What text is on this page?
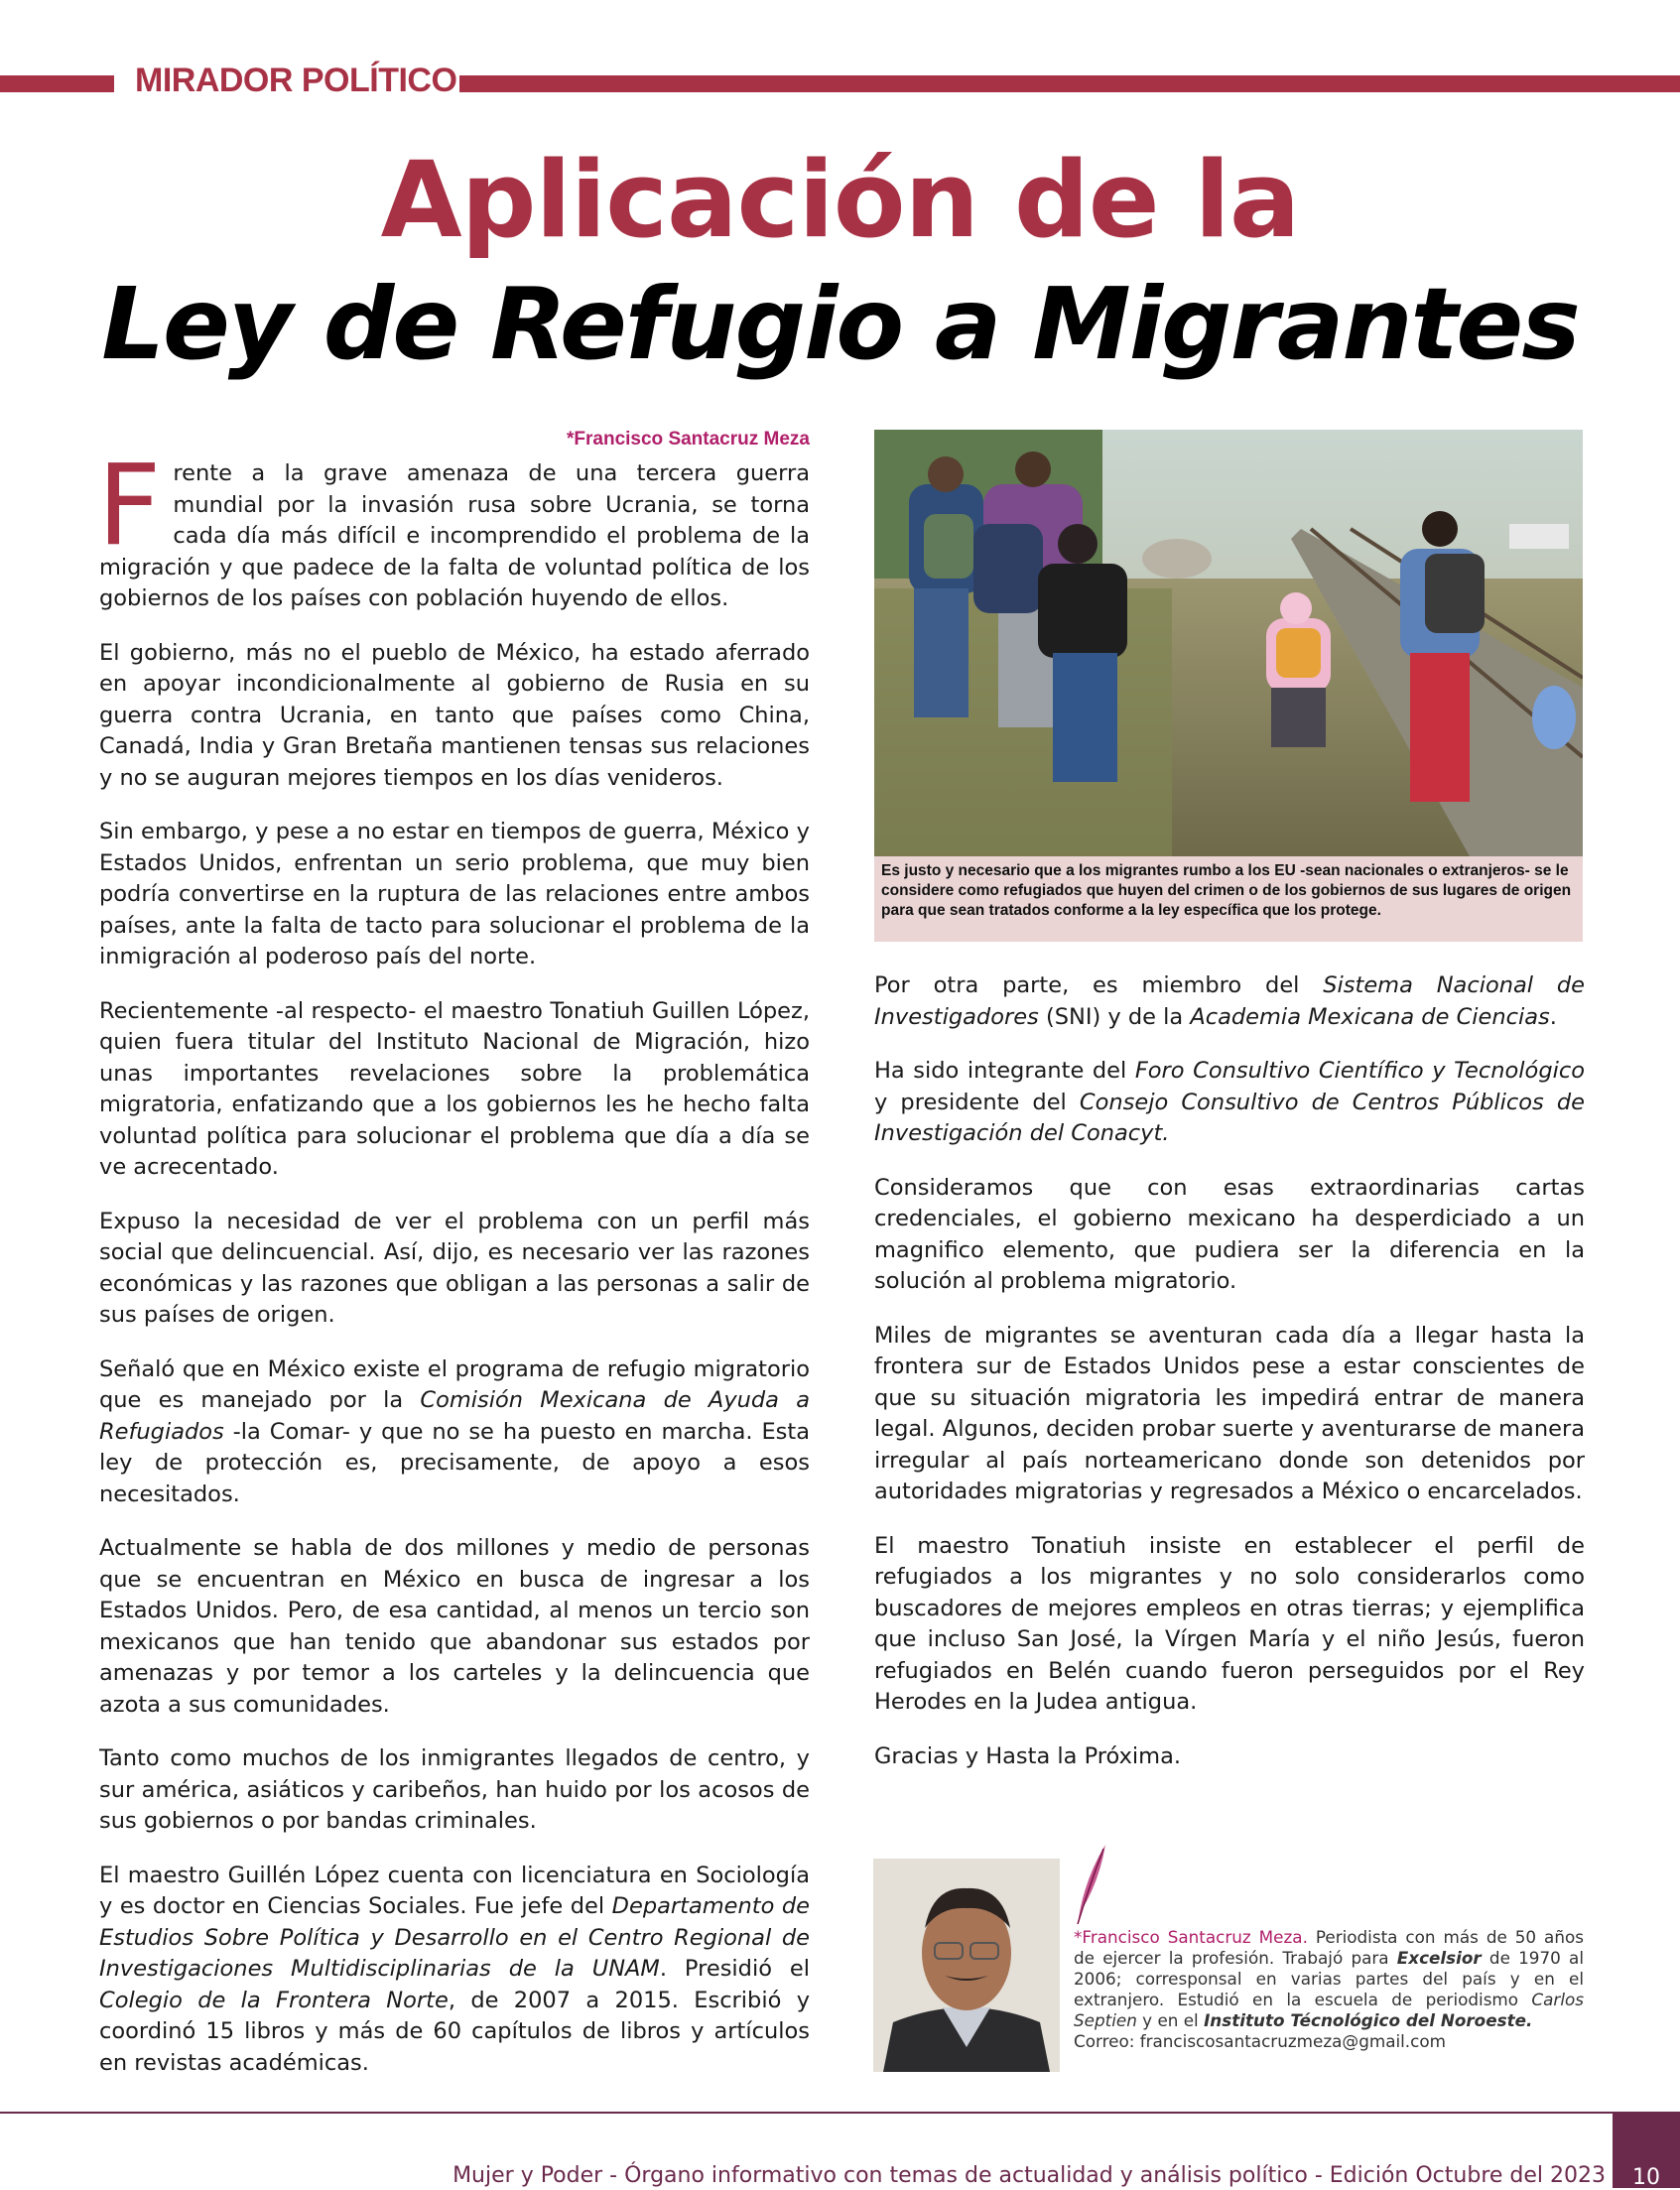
MIRADOR POLÍTICO
Aplicación de la
Ley de Refugio a Migrantes
*Francisco Santacruz Meza

Frente a la grave amenaza de una tercera guerra mundial por la invasión rusa sobre Ucrania, se torna cada día más difícil e incomprendido el problema de la migración y que padece de la falta de voluntad política de los gobiernos de los países con población huyendo de ellos.

El gobierno, más no el pueblo de México, ha estado aferrado en apoyar incondicionalmente al gobierno de Rusia en su guerra contra Ucrania, en tanto que países como China, Canadá, India y Gran Bretaña mantienen tensas sus relaciones y no se auguran mejores tiempos en los días venideros.

Sin embargo, y pese a no estar en tiempos de guerra, México y Estados Unidos, enfrentan un serio problema, que muy bien podría convertirse en la ruptura de las relaciones entre ambos países, ante la falta de tacto para solucionar el problema de la inmigración al poderoso país del norte.

Recientemente -al respecto- el maestro Tonatiuh Guillen López, quien fuera titular del Instituto Nacional de Migración, hizo unas importantes revelaciones sobre la problemática migratoria, enfatizando que a los gobiernos les he hecho falta voluntad política para solucionar el problema que día a día se ve acrecentado.

Expuso la necesidad de ver el problema con un perfil más social que delincuencial. Así, dijo, es necesario ver las razones económicas y las razones que obligan a las personas a salir de sus países de origen.

Señaló que en México existe el programa de refugio migratorio que es manejado por la Comisión Mexicana de Ayuda a Refugiados -la Comar- y que no se ha puesto en marcha. Esta ley de protección es, precisamente, de apoyo a esos necesitados.

Actualmente se habla de dos millones y medio de personas que se encuentran en México en busca de ingresar a los Estados Unidos. Pero, de esa cantidad, al menos un tercio son mexicanos que han tenido que abandonar sus estados por amenazas y por temor a los carteles y la delincuencia que azota a sus comunidades.

Tanto como muchos de los inmigrantes llegados de centro, y sur américa, asiáticos y caribeños, han huido por los acosos de sus gobiernos o por bandas criminales.

El maestro Guillén López cuenta con licenciatura en Sociología y es doctor en Ciencias Sociales. Fue jefe del Departamento de Estudios Sobre Política y Desarrollo en el Centro Regional de Investigaciones Multidisciplinarias de la UNAM. Presidió el Colegio de la Frontera Norte, de 2007 a 2015. Escribió y coordinó 15 libros y más de 60 capítulos de libros y artículos en revistas académicas.

Es justo y necesario que a los migrantes rumbo a los EU -sean nacionales o extranjeros- se le considere como refugiados que huyen del crimen o de los gobiernos de sus lugares de origen para que sean tratados conforme a la ley específica que los protege.

Por otra parte, es miembro del Sistema Nacional de Investigadores (SNI) y de la Academia Mexicana de Ciencias.

Ha sido integrante del Foro Consultivo Científico y Tecnológico y presidente del Consejo Consultivo de Centros Públicos de Investigación del Conacyt.

Consideramos que con esas extraordinarias cartas credenciales, el gobierno mexicano ha desperdiciado a un magnifico elemento, que pudiera ser la diferencia en la solución al problema migratorio.

Miles de migrantes se aventuran cada día a llegar hasta la frontera sur de Estados Unidos pese a estar conscientes de que su situación migratoria les impedirá entrar de manera legal. Algunos, deciden probar suerte y aventurarse de manera irregular al país norteamericano donde son detenidos por autoridades migratorias y regresados a México o encarcelados.

El maestro Tonatiuh insiste en establecer el perfil de refugiados a los migrantes y no solo considerarlos como buscadores de mejores empleos en otras tierras; y ejemplifica que incluso San José, la Vírgen María y el niño Jesús, fueron refugiados en Belén cuando fueron perseguidos por el Rey Herodes en la Judea antigua.

Gracias y Hasta la Próxima.

*Francisco Santacruz Meza. Periodista con más de 50 años de ejercer la profesión. Trabajó para Excelsior de 1970 al 2006; corresponsal en varias partes del país y en el extranjero. Estudió en la escuela de periodismo Carlos Septien y en el Instituto Técnológico del Noroeste.
Correo: franciscosantacruzmeza@gmail.com
Mujer y Poder - Órgano informativo con temas de actualidad y análisis político - Edición Octubre del 2023	10
